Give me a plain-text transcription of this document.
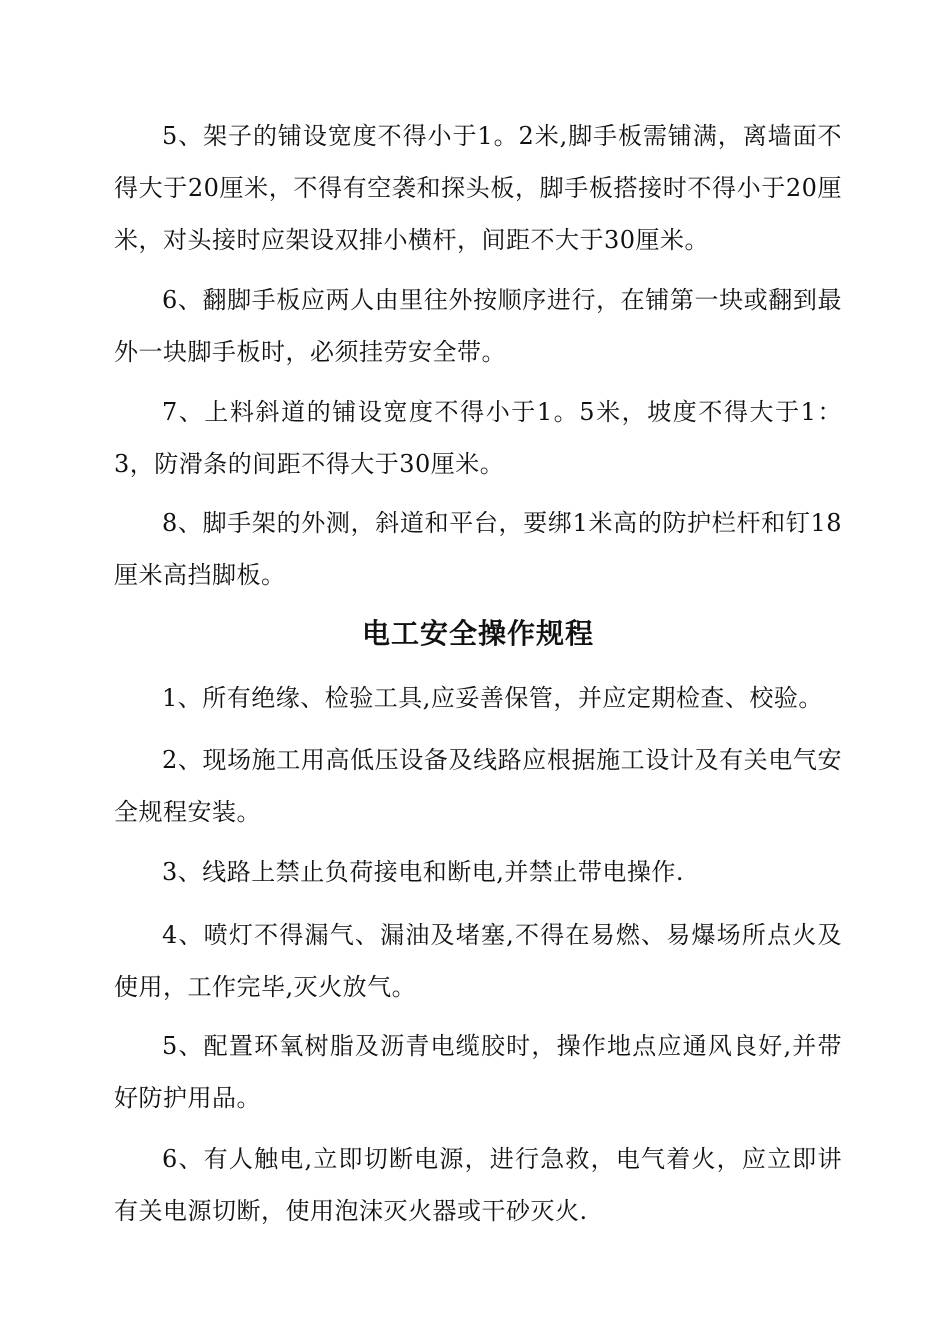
5、架子的铺设宽度不得小于1。2米,脚手板需铺满，离墙面不得大于20厘米，不得有空袭和探头板，脚手板搭接时不得小于20厘米，对头接时应架设双排小横杆，间距不大于30厘米。

6、翻脚手板应两人由里往外按顺序进行，在铺第一块或翻到最外一块脚手板时，必须挂劳安全带。

7、上料斜道的铺设宽度不得小于1。5米，坡度不得大于1：3，防滑条的间距不得大于30厘米。

8、脚手架的外测，斜道和平台，要绑1米高的防护栏杆和钉18厘米高挡脚板。

电工安全操作规程

1、所有绝缘、检验工具,应妥善保管，并应定期检查、校验。

2、现场施工用高低压设备及线路应根据施工设计及有关电气安全规程安装。

3、线路上禁止负荷接电和断电,并禁止带电操作.

4、喷灯不得漏气、漏油及堵塞,不得在易燃、易爆场所点火及使用，工作完毕,灭火放气。

5、配置环氧树脂及沥青电缆胶时，操作地点应通风良好,并带好防护用品。

6、有人触电,立即切断电源，进行急救，电气着火，应立即讲有关电源切断，使用泡沫灭火器或干砂灭火.
